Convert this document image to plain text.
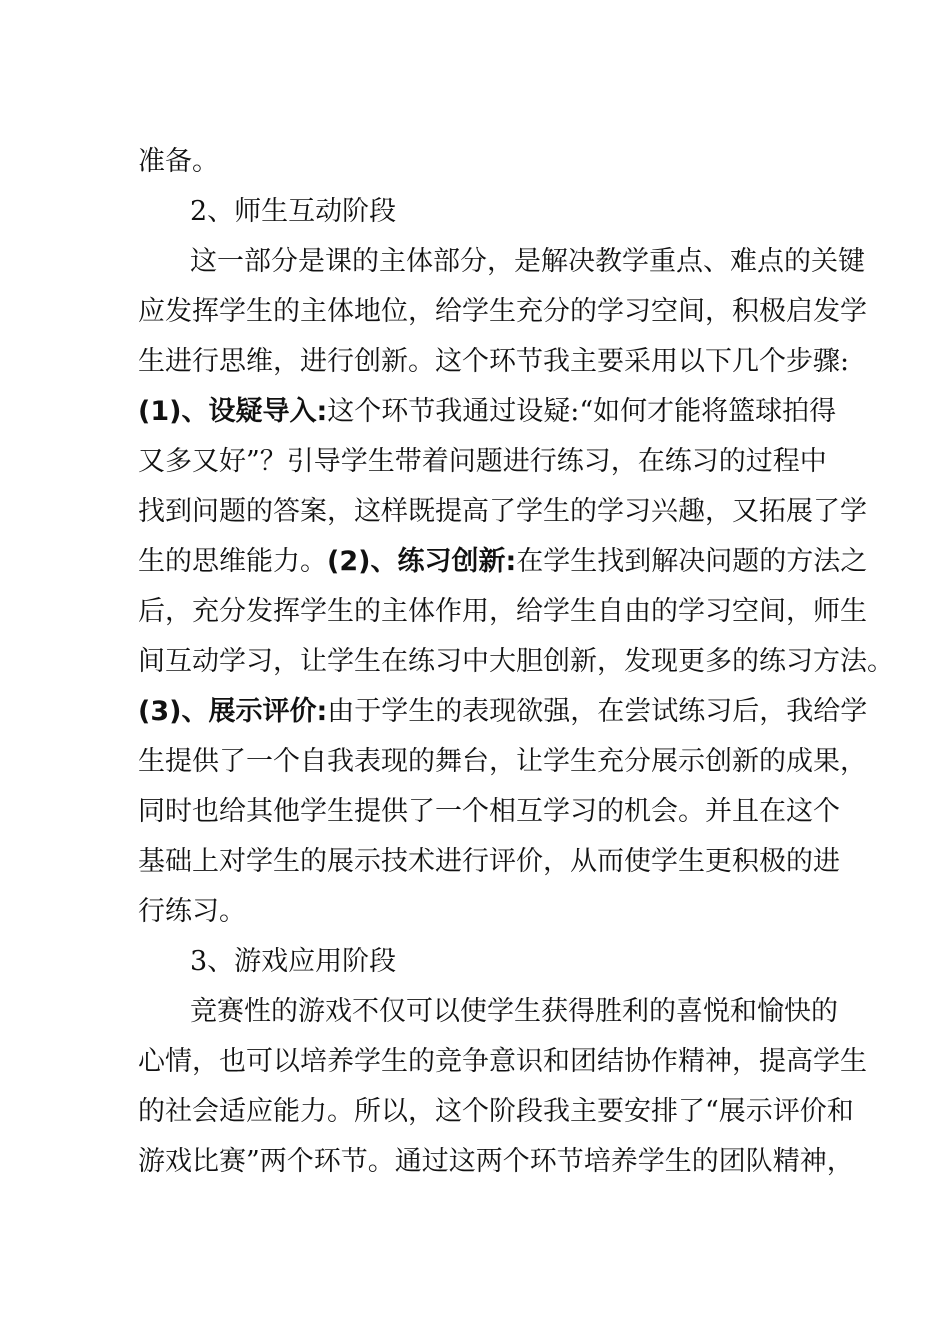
准备。
2、师生互动阶段
这一部分是课的主体部分，是解决教学重点、难点的关键
应发挥学生的主体地位，给学生充分的学习空间，积极启发学
生进行思维，进行创新。这个环节我主要采用以下几个步骤:
(1)、设疑导入:这个环节我通过设疑:“如何才能将篮球拍得
又多又好”？引导学生带着问题进行练习，在练习的过程中
找到问题的答案，这样既提高了学生的学习兴趣，又拓展了学
生的思维能力。(2)、练习创新:在学生找到解决问题的方法之
后，充分发挥学生的主体作用，给学生自由的学习空间，师生
间互动学习，让学生在练习中大胆创新，发现更多的练习方法。
(3)、展示评价:由于学生的表现欲强，在尝试练习后，我给学
生提供了一个自我表现的舞台，让学生充分展示创新的成果，
同时也给其他学生提供了一个相互学习的机会。并且在这个
基础上对学生的展示技术进行评价，从而使学生更积极的进
行练习。
3、游戏应用阶段
竞赛性的游戏不仅可以使学生获得胜利的喜悦和愉快的
心情，也可以培养学生的竞争意识和团结协作精神，提高学生
的社会适应能力。所以，这个阶段我主要安排了“展示评价和
游戏比赛”两个环节。通过这两个环节培养学生的团队精神，
